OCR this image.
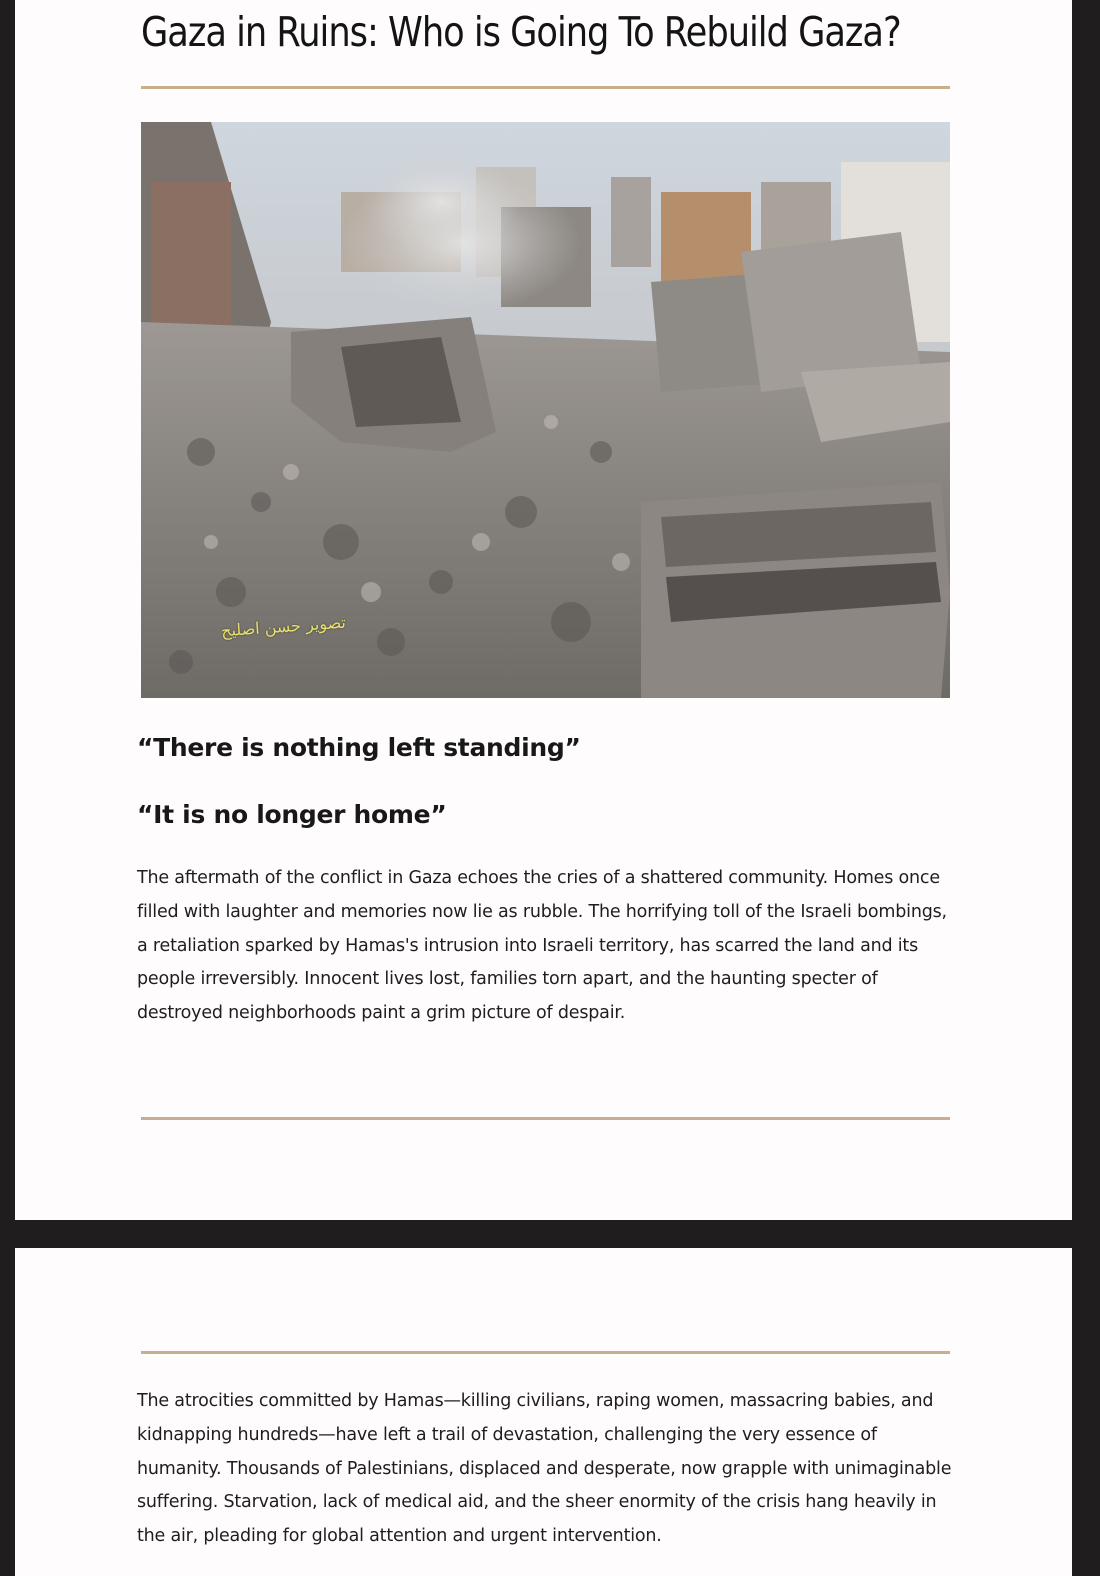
Gaza in Ruins: Who is Going To Rebuild Gaza?
تصوير حسن اصليح
“There is nothing left standing”
“It is no longer home”

The aftermath of the conflict in Gaza echoes the cries of a shattered community. Homes once filled with laughter and memories now lie as rubble. The horrifying toll of the Israeli bombings, a retaliation sparked by Hamas's intrusion into Israeli territory, has scarred the land and its people irreversibly. Innocent lives lost, families torn apart, and the haunting specter of destroyed neighborhoods paint a grim picture of despair.

The atrocities committed by Hamas—killing civilians, raping women, massacring babies, and kidnapping hundreds—have left a trail of devastation, challenging the very essence of humanity. Thousands of Palestinians, displaced and desperate, now grapple with unimaginable suffering. Starvation, lack of medical aid, and the sheer enormity of the crisis hang heavily in the air, pleading for global attention and urgent intervention.
